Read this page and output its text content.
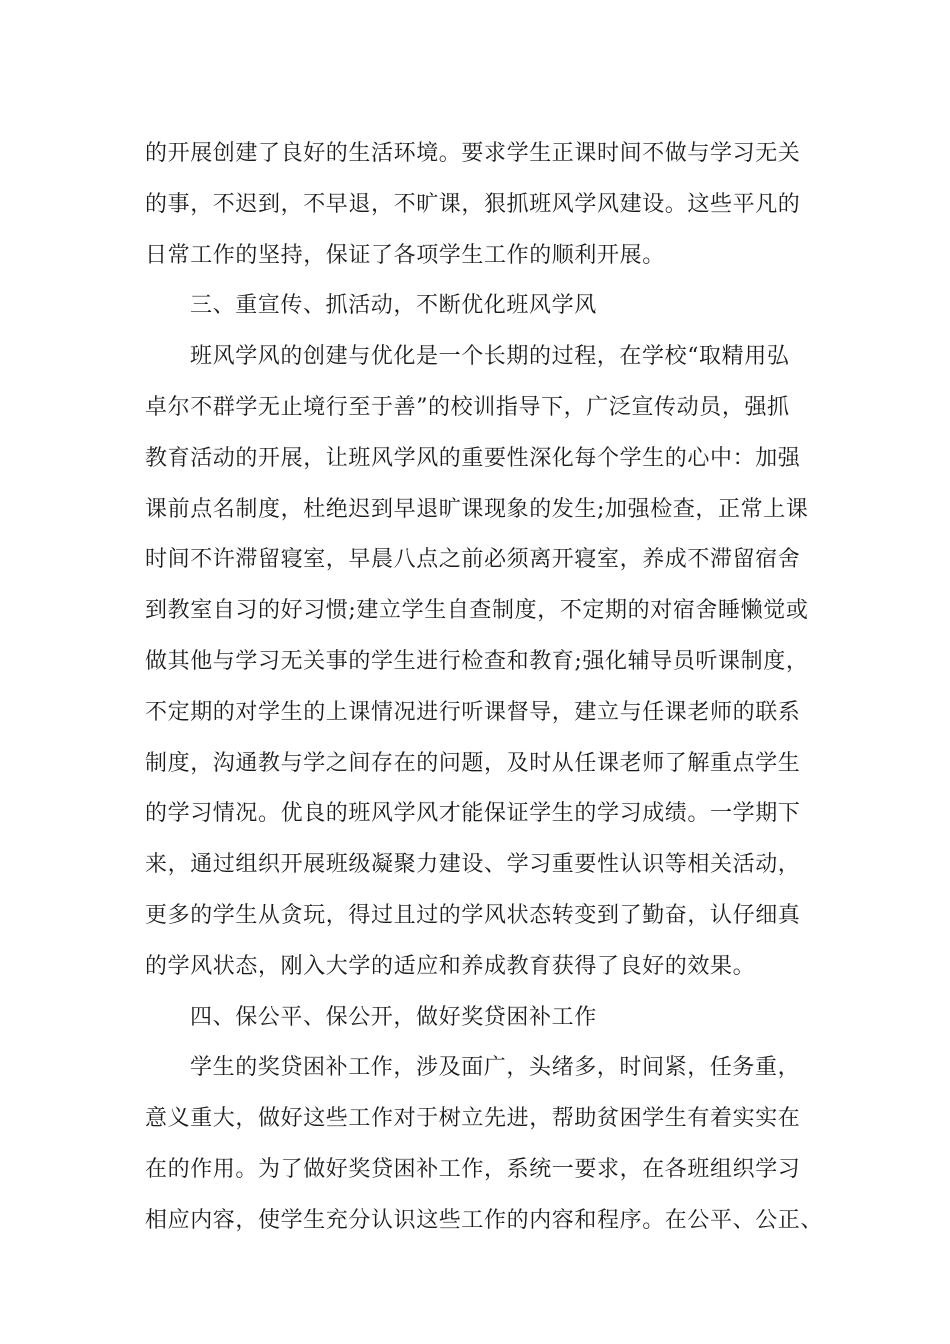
的开展创建了良好的生活环境。要求学生正课时间不做与学习无关
的事，不迟到，不早退，不旷课，狠抓班风学风建设。这些平凡的
日常工作的坚持，保证了各项学生工作的顺利开展。
三、重宣传、抓活动，不断优化班风学风
班风学风的创建与优化是一个长期的过程，在学校“取精用弘
卓尔不群学无止境行至于善”的校训指导下，广泛宣传动员，强抓
教育活动的开展，让班风学风的重要性深化每个学生的心中：加强
课前点名制度，杜绝迟到早退旷课现象的发生;加强检查，正常上课
时间不许滞留寝室，早晨八点之前必须离开寝室，养成不滞留宿舍
到教室自习的好习惯;建立学生自查制度，不定期的对宿舍睡懒觉或
做其他与学习无关事的学生进行检查和教育;强化辅导员听课制度，
不定期的对学生的上课情况进行听课督导，建立与任课老师的联系
制度，沟通教与学之间存在的问题，及时从任课老师了解重点学生
的学习情况。优良的班风学风才能保证学生的学习成绩。一学期下
来，通过组织开展班级凝聚力建设、学习重要性认识等相关活动，
更多的学生从贪玩，得过且过的学风状态转变到了勤奋，认仔细真
的学风状态，刚入大学的适应和养成教育获得了良好的效果。
四、保公平、保公开，做好奖贷困补工作
学生的奖贷困补工作，涉及面广，头绪多，时间紧，任务重，
意义重大，做好这些工作对于树立先进，帮助贫困学生有着实实在
在的作用。为了做好奖贷困补工作，系统一要求，在各班组织学习
相应内容，使学生充分认识这些工作的内容和程序。在公平、公正、
